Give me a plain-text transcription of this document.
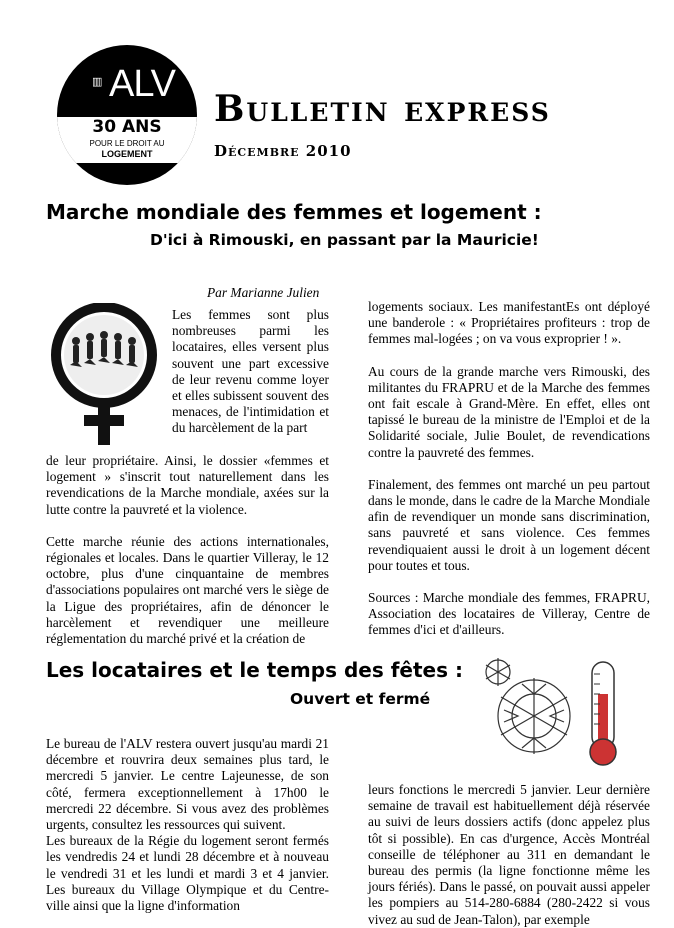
▥ ALV
30 ANS
POUR LE DROIT AU
LOGEMENT
Bulletin express
Décembre 2010
Marche mondiale des femmes et logement :
D'ici à Rimouski, en passant par la Mauricie!
Par Marianne Julien
Les femmes sont plus nombreuses parmi les locataires, elles versent plus souvent une part excessive de leur revenu comme loyer et elles subissent souvent des menaces, de l'intimidation et du harcèlement de la part

de leur propriétaire. Ainsi, le dossier «femmes et logement » s'inscrit tout naturellement dans les revendications de la Marche mondiale, axées sur la lutte contre la pauvreté et la violence.

Cette marche réunie des actions internationales, régionales et locales. Dans le quartier Villeray, le 12 octobre, plus d'une cinquantaine de membres d'associations populaires ont marché vers le siège de la Ligue des propriétaires, afin de dénoncer le harcèlement et revendiquer une meilleure réglementation du marché privé et la création de

logements sociaux. Les manifestantEs ont déployé une banderole : « Propriétaires profiteurs : trop de femmes mal-logées ; on va vous exproprier ! ».

Au cours de la grande marche vers Rimouski, des militantes du FRAPRU et de la Marche des femmes ont fait escale à Grand-Mère. En effet, elles ont tapissé le bureau de la ministre de l'Emploi et de la Solidarité sociale, Julie Boulet, de revendications contre la pauvreté des femmes.

Finalement, des femmes ont marché un peu partout dans le monde, dans le cadre de la Marche Mondiale afin de revendiquer un monde sans discrimination, sans pauvreté et sans violence. Ces femmes revendiquaient aussi le droit à un logement décent pour toutes et tous.

Sources : Marche mondiale des femmes, FRAPRU, Association des locataires de Villeray, Centre de femmes d'ici et d'ailleurs.

Les locataires et le temps des fêtes :
Ouvert et fermé

Le bureau de l'ALV restera ouvert jusqu'au mardi 21 décembre et rouvrira deux semaines plus tard, le mercredi 5 janvier. Le centre Lajeunesse, de son côté, fermera exceptionnellement à 17h00 le mercredi 22 décembre. Si vous avez des problèmes urgents, consultez les ressources qui suivent.

Les bureaux de la Régie du logement seront fermés les vendredis 24 et lundi 28 décembre et à nouveau le vendredi 31 et les lundi et mardi 3 et 4 janvier. Les bureaux du Village Olympique et du Centre-ville ainsi que la ligne d'information

leurs fonctions le mercredi 5 janvier. Leur dernière semaine de travail est habituellement déjà réservée au suivi de leurs dossiers actifs (donc appelez plus tôt si possible). En cas d'urgence, Accès Montréal conseille de téléphoner au 311 en demandant le bureau des permis (la ligne fonctionne même les jours fériés). Dans le passé, on pouvait aussi appeler les pompiers au 514-280-6884 (280-2422 si vous vivez au sud de Jean-Talon), par exemple
